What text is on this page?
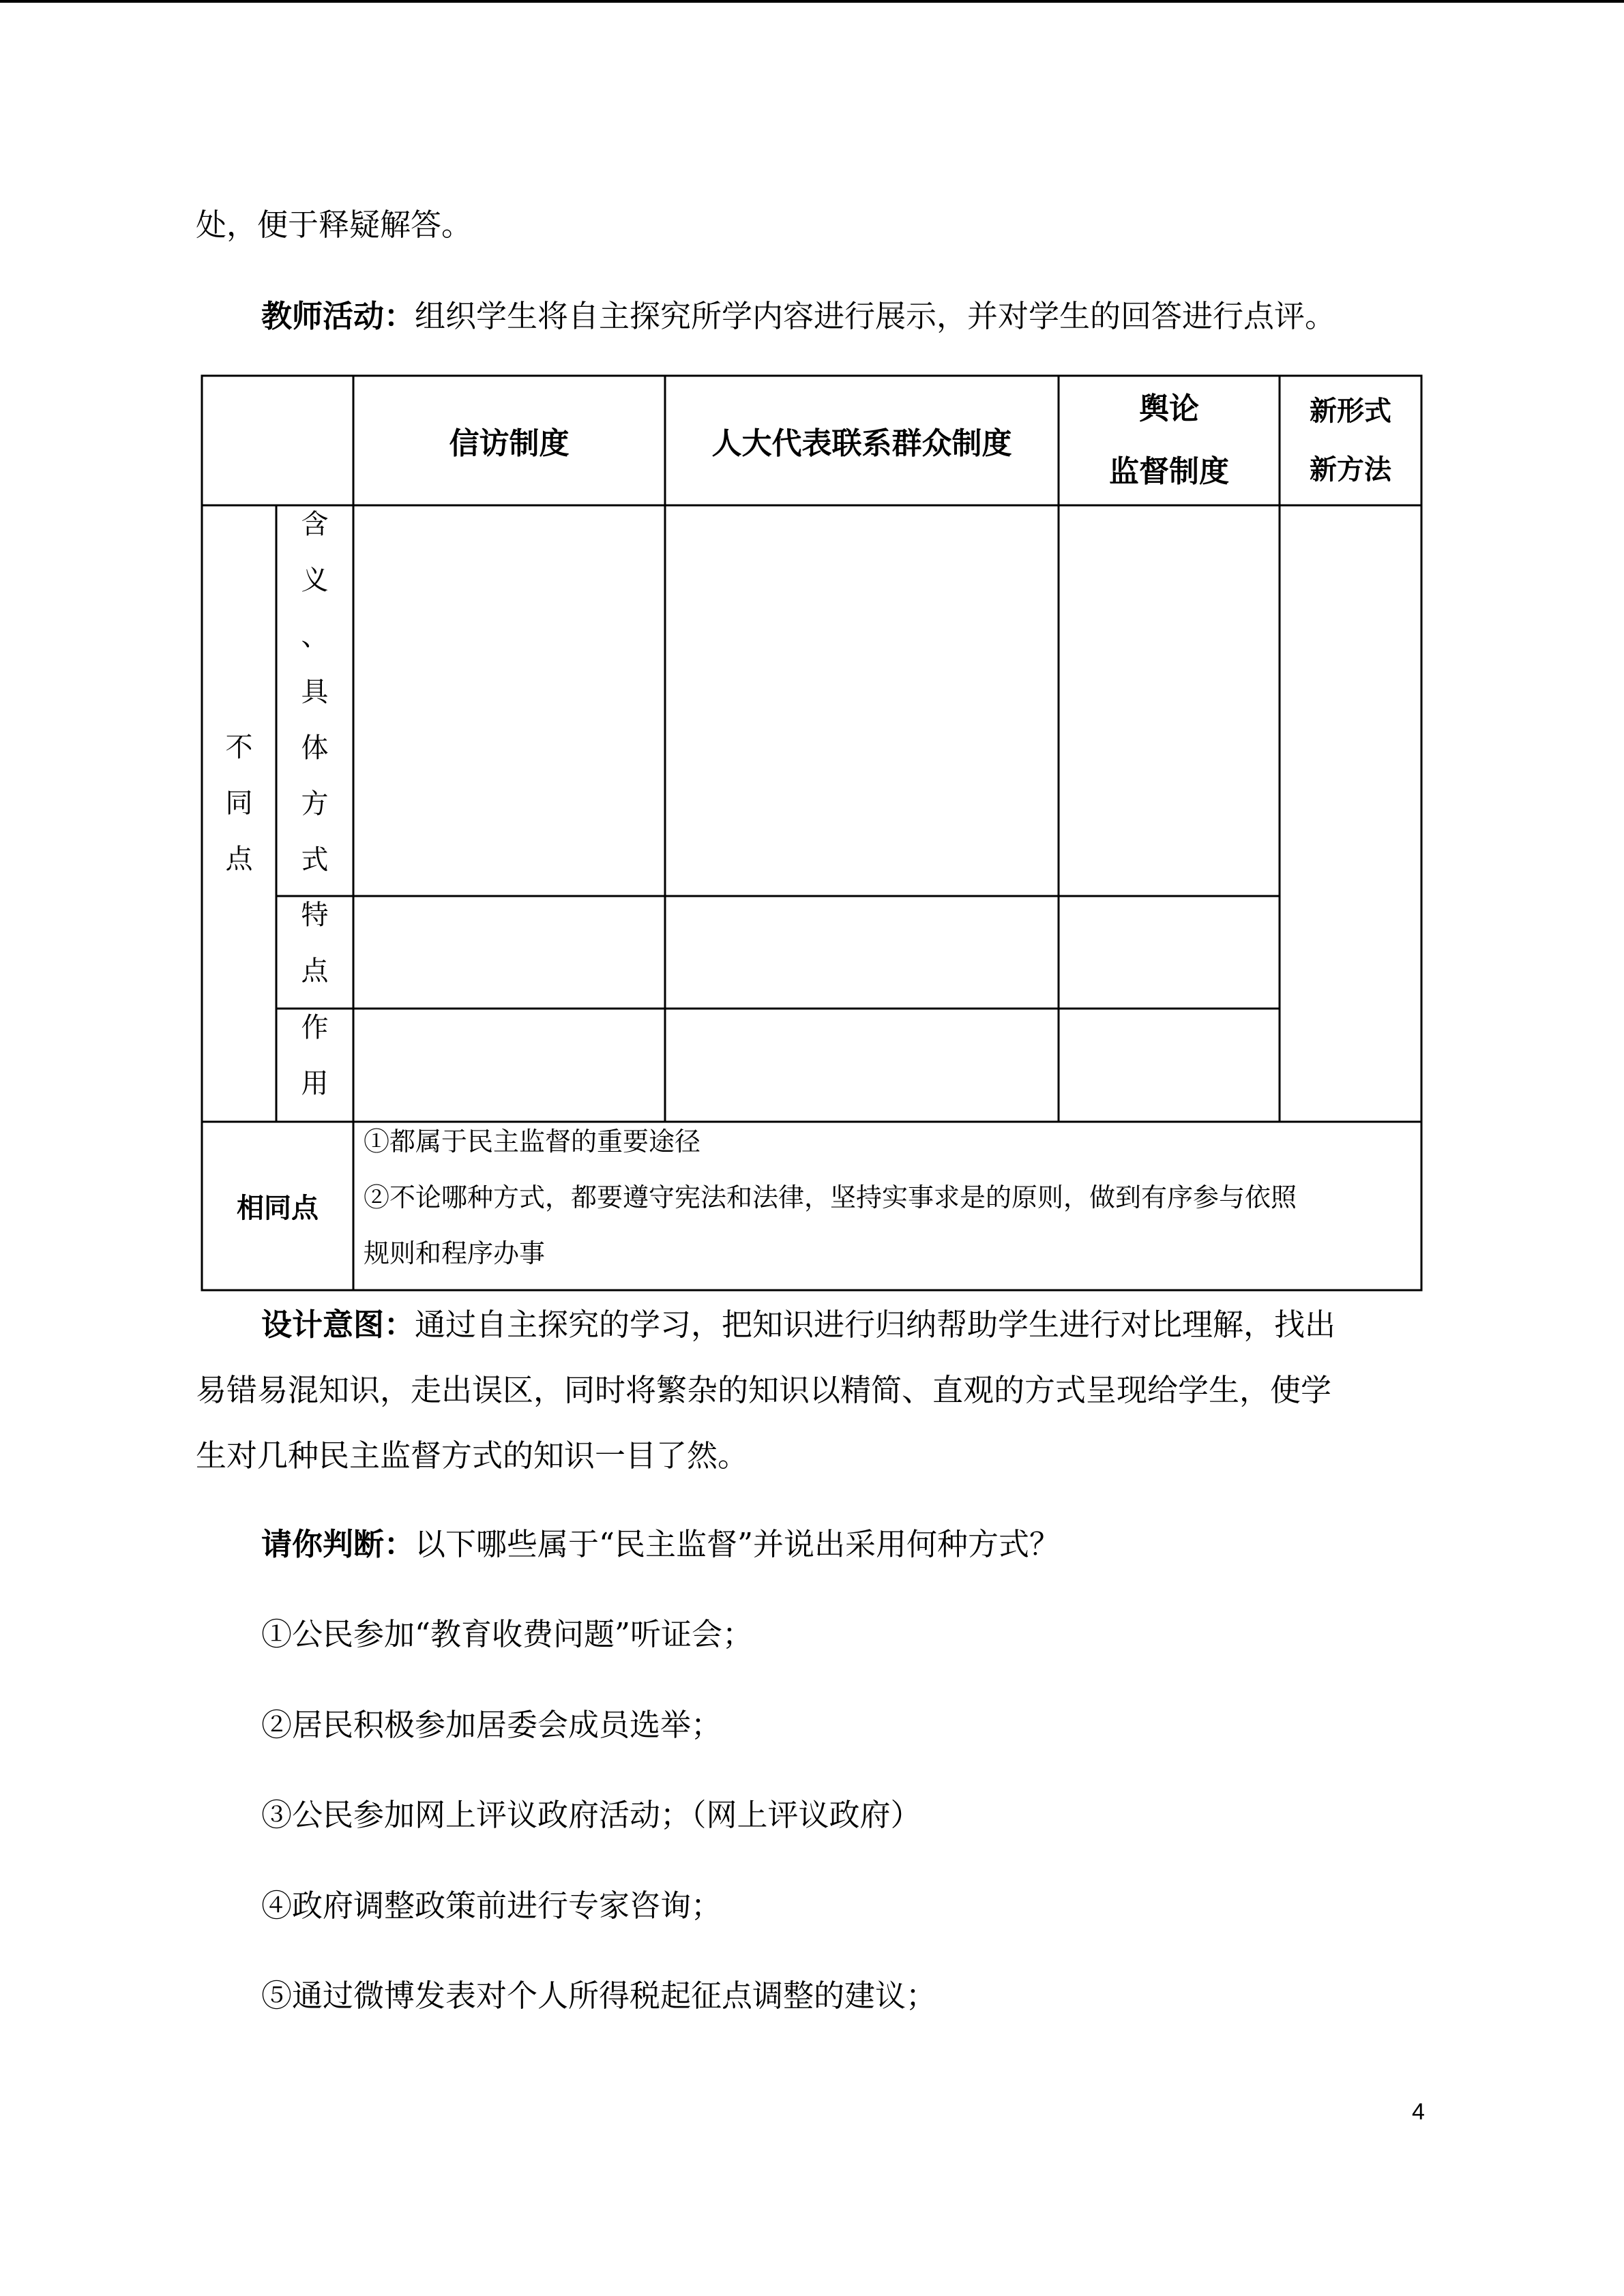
处，便于释疑解答。
教师活动：组织学生将自主探究所学内容进行展示，并对学生的回答进行点评。
信访制度	人大代表联系群众制度
舆论
监督制度
新形式
新方法
不
同
点
含
义
、
具
体
方
式
特
点
作
用
相同点
①都属于民主监督的重要途径
②不论哪种方式，都要遵守宪法和法律，坚持实事求是的原则，做到有序参与依照
规则和程序办事
设计意图：通过自主探究的学习，把知识进行归纳帮助学生进行对比理解，找出
易错易混知识，走出误区，同时将繁杂的知识以精简、直观的方式呈现给学生，使学
生对几种民主监督方式的知识一目了然。
请你判断：以下哪些属于“民主监督”并说出采用何种方式？
①公民参加“教育收费问题”听证会；
②居民积极参加居委会成员选举；
③公民参加网上评议政府活动；（网上评议政府）
④政府调整政策前进行专家咨询；
⑤通过微博发表对个人所得税起征点调整的建议；
4
